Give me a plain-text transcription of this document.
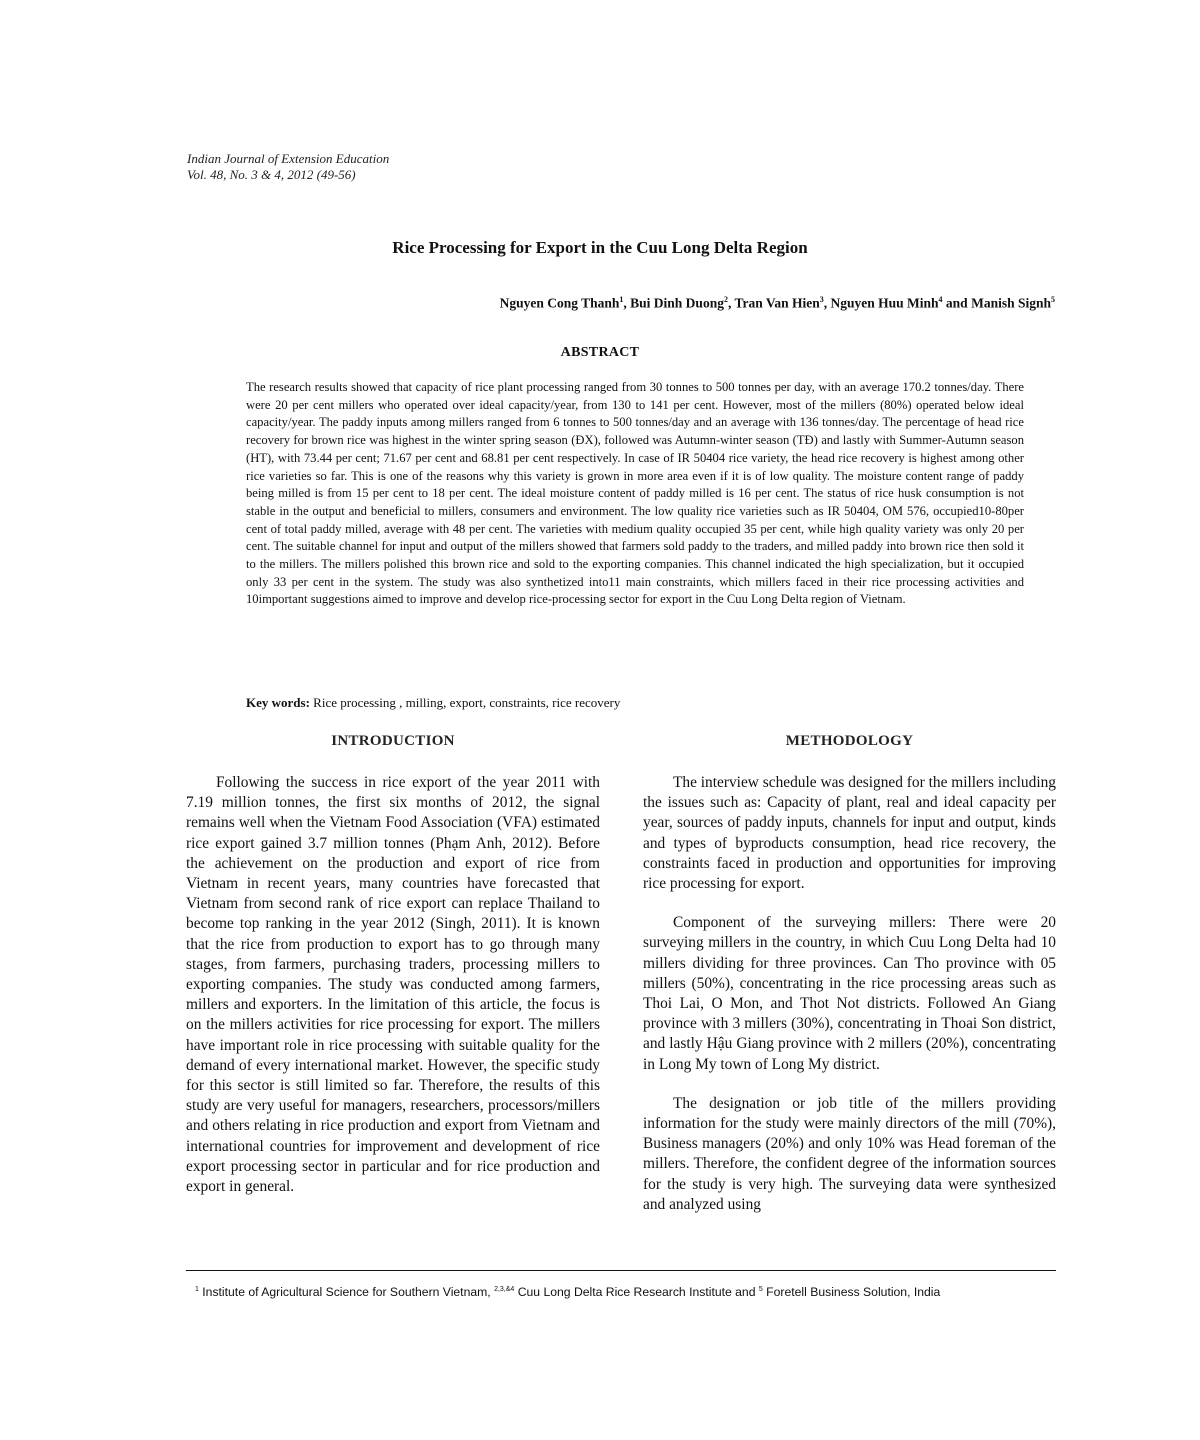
Indian Journal of Extension Education
Vol. 48, No. 3 & 4, 2012 (49-56)
Rice Processing for Export in the Cuu Long Delta Region
Nguyen Cong Thanh$^1$, Bui Dinh Duong$^2$, Tran Van Hien$^3$, Nguyen Huu Minh$^4$ and Manish Signh$^5$
ABSTRACT
The research results showed that capacity of rice plant processing ranged from 30 tonnes to 500 tonnes per day, with an average 170.2 tonnes/day. There were 20 per cent millers who operated over ideal capacity/year, from 130 to 141 per cent. However, most of the millers (80%) operated below ideal capacity/year. The paddy inputs among millers ranged from 6 tonnes to 500 tonnes/day and an average with 136 tonnes/day. The percentage of head rice recovery for brown rice was highest in the winter spring season (ĐX), followed was Autumn-winter season (TĐ) and lastly with Summer-Autumn season (HT), with 73.44 per cent; 71.67 per cent and 68.81 per cent respectively. In case of IR 50404 rice variety, the head rice recovery is highest among other rice varieties so far. This is one of the reasons why this variety is grown in more area even if it is of low quality. The moisture content range of paddy being milled is from 15 per cent to 18 per cent. The ideal moisture content of paddy milled is 16 per cent. The status of rice husk consumption is not stable in the output and beneficial to millers, consumers and environment. The low quality rice varieties such as IR 50404, OM 576, occupied10-80per cent of total paddy milled, average with 48 per cent. The varieties with medium quality occupied 35 per cent, while high quality variety was only 20 per cent. The suitable channel for input and output of the millers showed that farmers sold paddy to the traders, and milled paddy into brown rice then sold it to the millers. The millers polished this brown rice and sold to the exporting companies. This channel indicated the high specialization, but it occupied only 33 per cent in the system. The study was also synthetized into11 main constraints, which millers faced in their rice processing activities and 10important suggestions aimed to improve and develop rice-processing sector for export in the Cuu Long Delta region of Vietnam.
Key words: Rice processing , milling, export, constraints, rice recovery
INTRODUCTION

Following the success in rice export of the year 2011 with 7.19 million tonnes, the first six months of 2012, the signal remains well when the Vietnam Food Association (VFA) estimated rice export gained 3.7 million tonnes (Phạm Anh, 2012). Before the achievement on the production and export of rice from Vietnam in recent years, many countries have forecasted that Vietnam from second rank of rice export can replace Thailand to become top ranking in the year 2012 (Singh, 2011). It is known that the rice from production to export has to go through many stages, from farmers, purchasing traders, processing millers to exporting companies. The study was conducted among farmers, millers and exporters. In the limitation of this article, the focus is on the millers activities for rice processing for export. The millers have important role in rice processing with suitable quality for the demand of every international market. However, the specific study for this sector is still limited so far. Therefore, the results of this study are very useful for managers, researchers, processors/millers and others relating in rice production and export from Vietnam and international countries for improvement and development of rice export processing sector in particular and for rice production and export in general.

METHODOLOGY

The interview schedule was designed for the millers including the issues such as: Capacity of plant, real and ideal capacity per year, sources of paddy inputs, channels for input and output, kinds and types of byproducts consumption, head rice recovery, the constraints faced in production and opportunities for improving rice processing for export.

Component of the surveying millers: There were 20 surveying millers in the country, in which Cuu Long Delta had 10 millers dividing for three provinces. Can Tho province with 05 millers (50%), concentrating in the rice processing areas such as Thoi Lai, O Mon, and Thot Not districts. Followed An Giang province with 3 millers (30%), concentrating in Thoai Son district, and lastly Hậu Giang province with 2 millers (20%), concentrating in Long My town of Long My district.

The designation or job title of the millers providing information for the study were mainly directors of the mill (70%), Business managers (20%) and only 10% was Head foreman of the millers. Therefore, the confident degree of the information sources for the study is very high. The surveying data were synthesized and analyzed using

$^1$ Institute of Agricultural Science for Southern Vietnam, $^{2,3,\&4}$ Cuu Long Delta Rice Research Institute and $^5$ Foretell Business Solution, India
